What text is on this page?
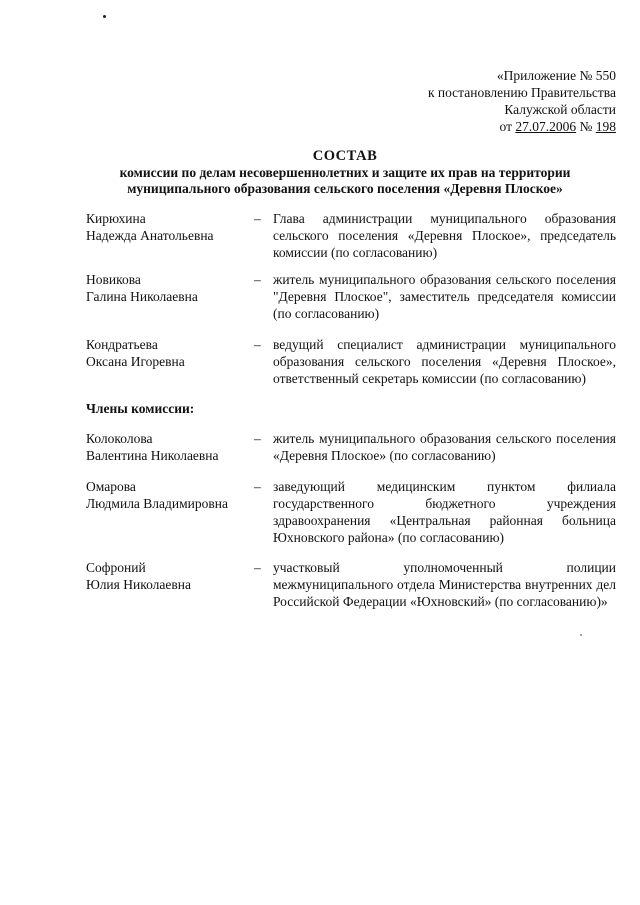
«Приложение № 550
к постановлению Правительства
Калужской области
от 27.07.2006 № 198
СОСТАВ
комиссии по делам несовершеннолетних и защите их прав на территории
муниципального образования сельского поселения «Деревня Плоское»
Кирюхина
Надежда Анатольевна
– Глава администрации муниципального образования сельского поселения «Деревня Плоское», председатель комиссии (по согласованию)
Новикова
Галина Николаевна
– житель муниципального образования сельского поселения "Деревня Плоское", заместитель председателя комиссии (по согласованию)
Кондратьева
Оксана Игоревна
– ведущий специалист администрации муниципального образования сельского поселения «Деревня Плоское», ответственный секретарь комиссии (по согласованию)
Члены комиссии:
Колоколова
Валентина Николаевна
– житель муниципального образования сельского поселения «Деревня Плоское» (по согласованию)
Омарова
Людмила Владимировна
– заведующий медицинским пунктом филиала государственного бюджетного учреждения здравоохранения «Центральная районная больница Юхновского района» (по согласованию)
Софроний
Юлия Николаевна
– участковый уполномоченный полиции межмуниципального отдела Министерства внутренних дел Российской Федерации «Юхновский» (по согласованию)»
